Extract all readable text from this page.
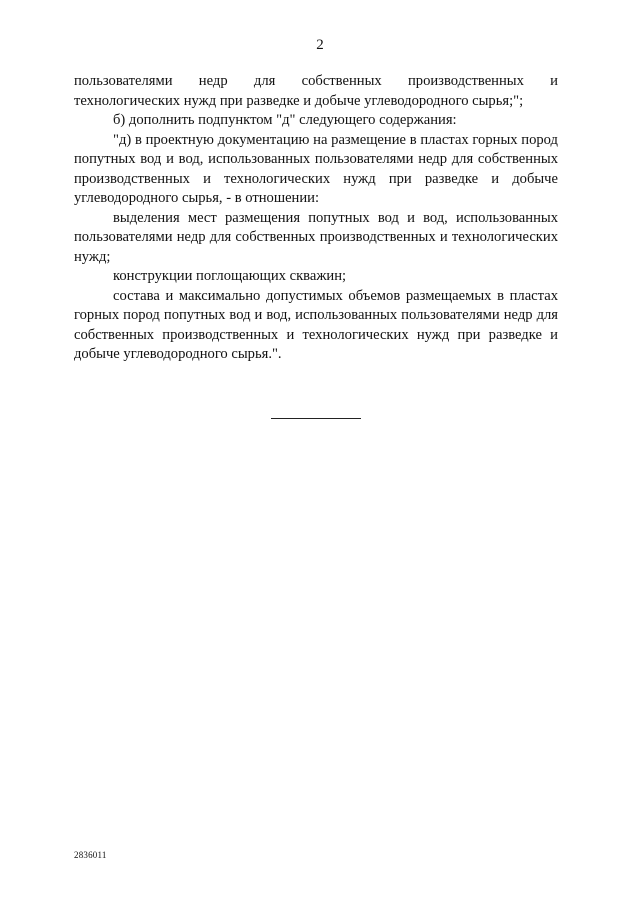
2

пользователями недр для собственных производственных и
технологических нужд при разведке и добыче углеводородного сырья;";

б) дополнить подпунктом "д" следующего содержания:

"д) в проектную документацию на размещение в пластах горных пород попутных вод и вод, использованных пользователями недр для собственных производственных и технологических нужд при разведке и добыче углеводородного сырья, - в отношении:

выделения мест размещения попутных вод и вод, использованных пользователями недр для собственных производственных и технологических нужд;

конструкции поглощающих скважин;

состава и максимально допустимых объемов размещаемых в пластах горных пород попутных вод и вод, использованных пользователями недр для собственных производственных и технологических нужд при разведке и добыче углеводородного сырья.".

2836011
